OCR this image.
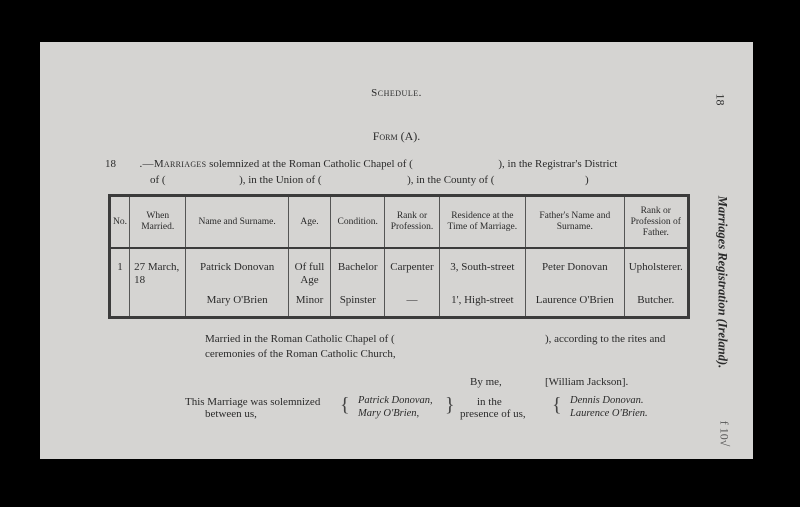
18
Marriages Registration (Ireland).
f 10√
Schedule.
Form (A).
18 .—Marriages solemnized at the Roman Catholic Chapel of (	), in the Registrar's District
of (	), in the Union of (	), in the County of (	)
No.	When Married.	Name and Surname.	Age.	Condition.	Rank or Profession.	Residence at the Time of Marriage.	Father's Name and Surname.	Rank or Profession of Father.
1	27 March, 18	Patrick Donovan	Of full Age	Bachelor	Carpenter	3, South-street	Peter Donovan	Upholsterer.
		Mary O'Brien	Minor	Spinster	—	1', High-street	Laurence O'Brien	Butcher.
Married in the Roman Catholic Chapel of (	), according to the rites and
ceremonies of the Roman Catholic Church,
By me,	[William Jackson].
This Marriage was solemnized
between us,	{ Patrick Donovan,
Mary O'Brien, } in the
presence of us, { Dennis Donovan.
Laurence O'Brien.
